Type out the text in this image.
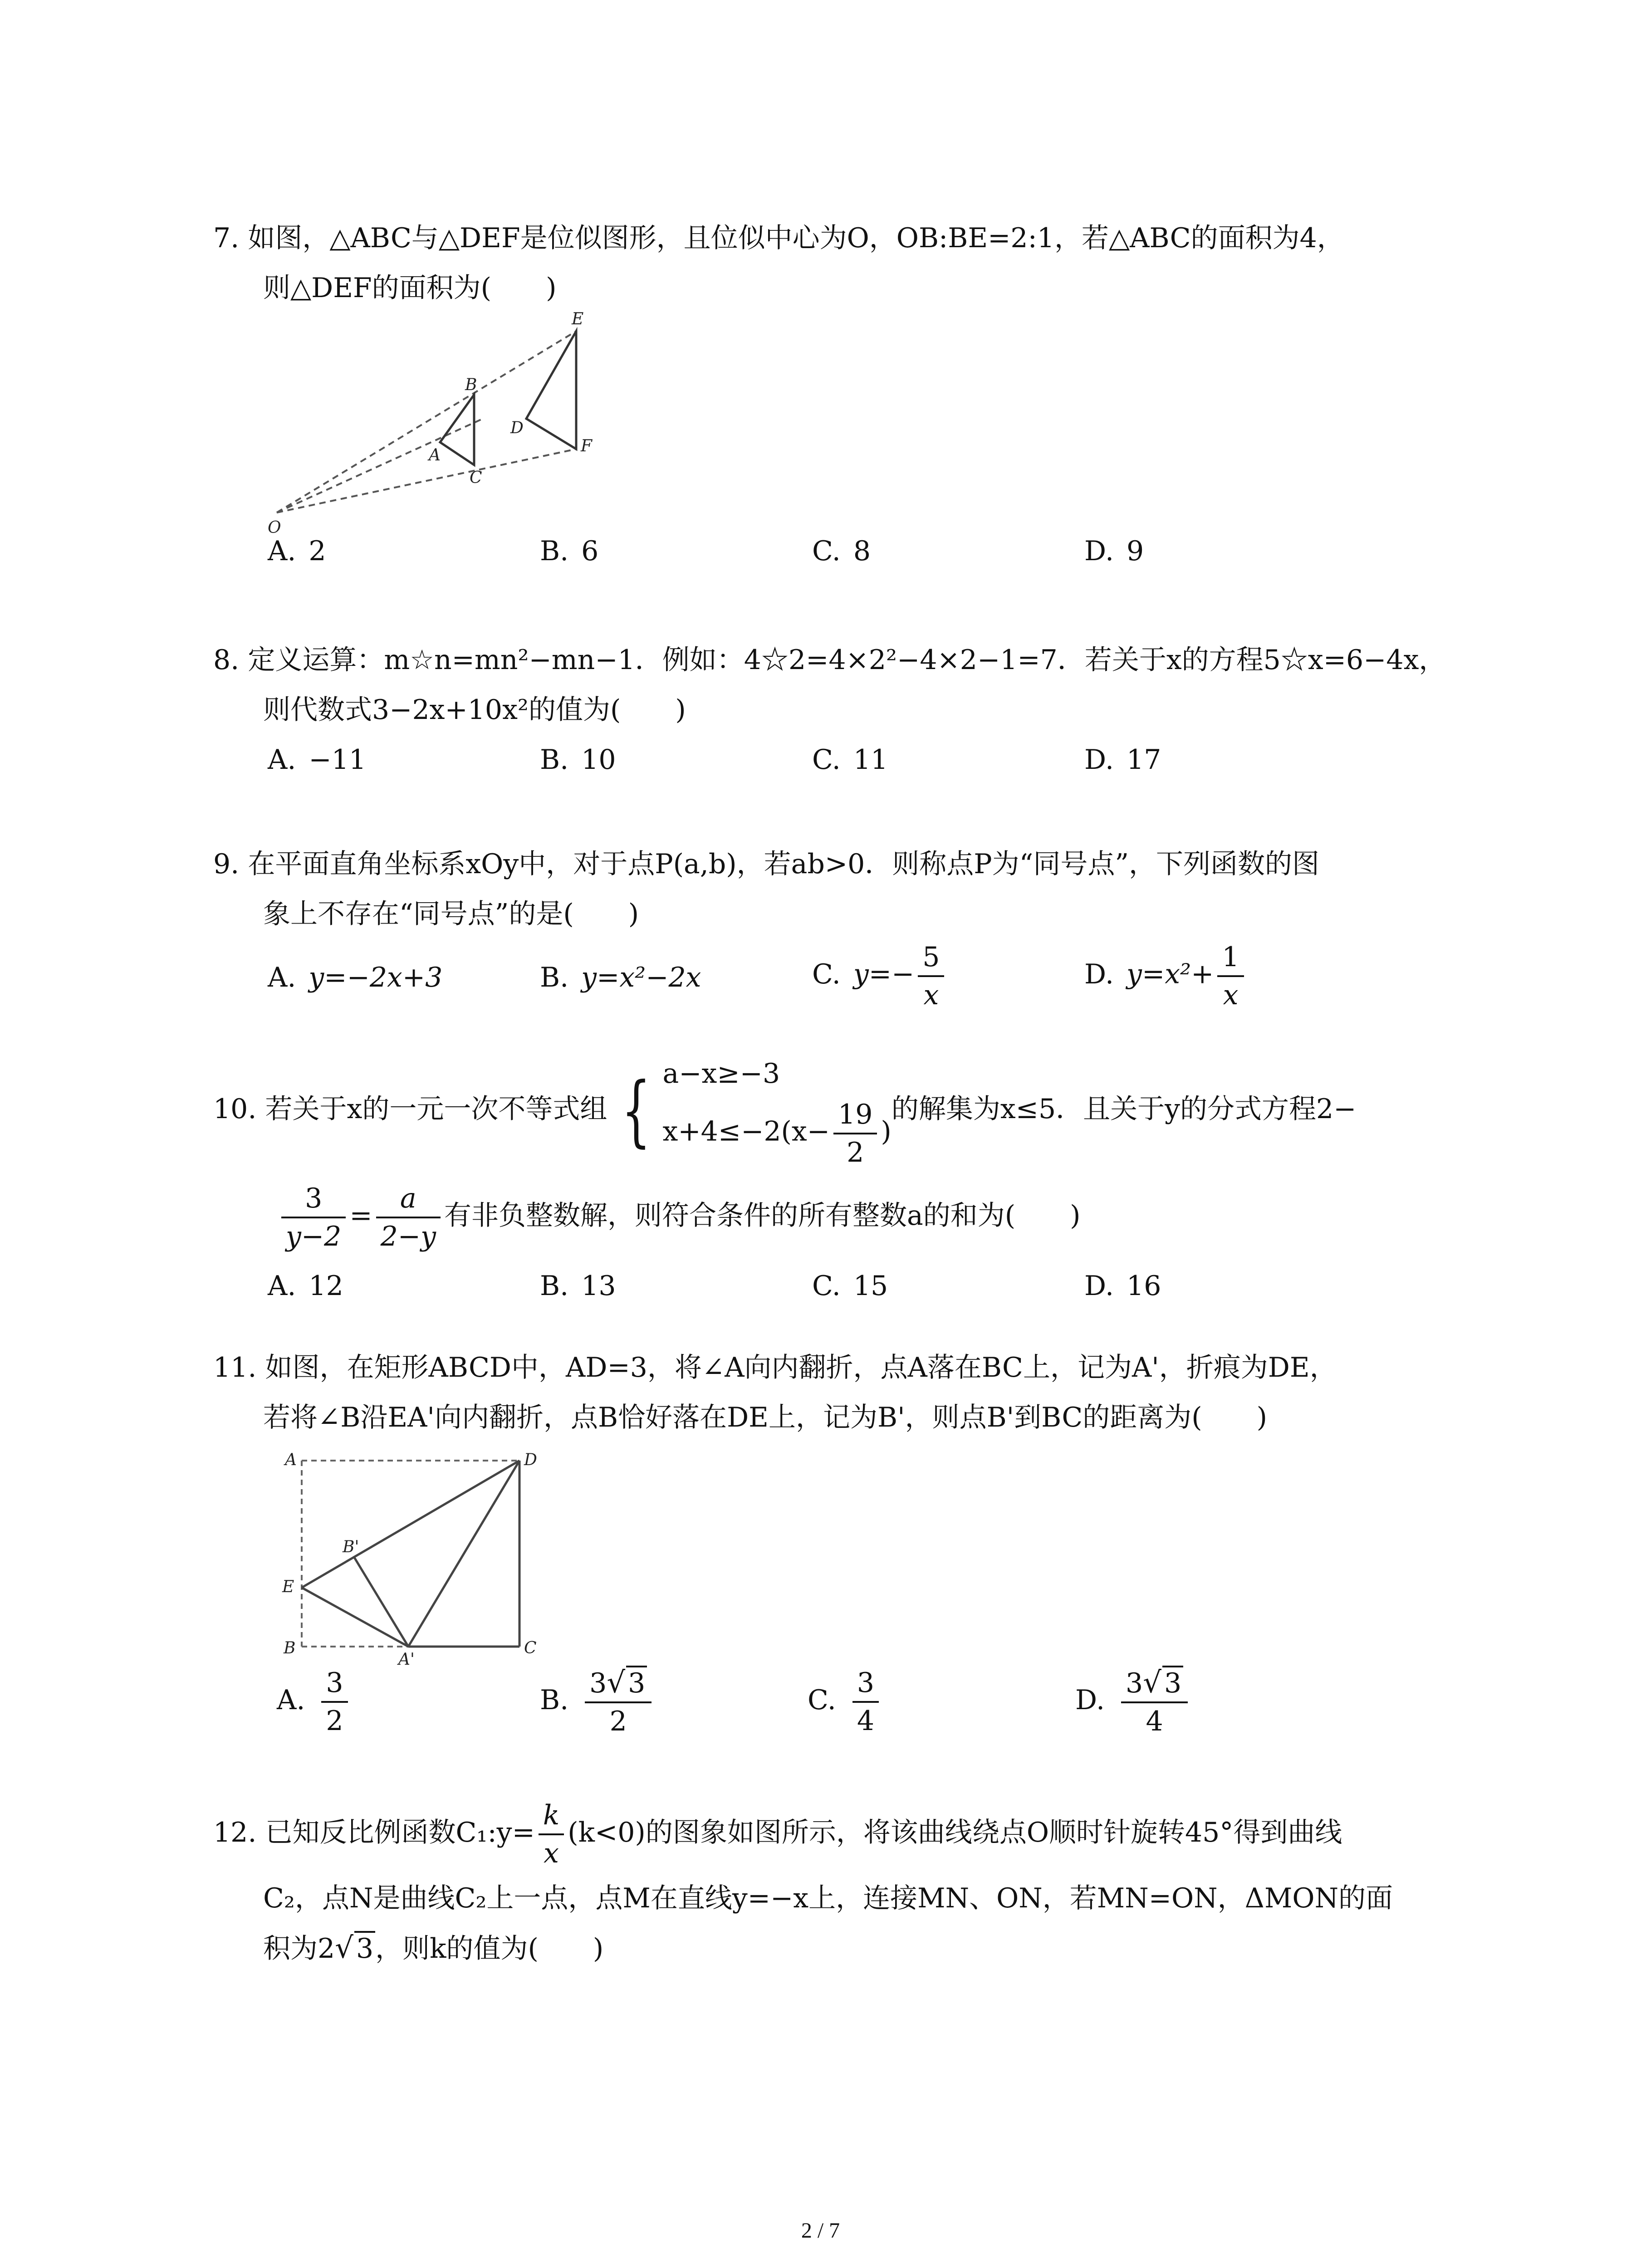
7. 如图，△ABC与△DEF是位似图形，且位似中心为O，OB:BE=2:1，若△ABC的面积为4，
则△DEF的面积为(　　)
O
A
B
C
D
E
F
A. 2	B. 6	C. 8	D. 9
8. 定义运算：m☆n=mn²−mn−1．例如：4☆2=4×2²−4×2−1=7．若关于x的方程5☆x=6−4x，
则代数式3−2x+10x²的值为(　　)
A. −11	B. 10	C. 11	D. 17
9. 在平面直角坐标系xOy中，对于点P(a,b)，若ab>0．则称点P为“同号点”，下列函数的图
象上不存在“同号点”的是(　　)
A. y=−2x+3	B. y=x²−2x	C. $y=- \frac{5}{x}$	D. $y=x^2+ \frac{1}{x}$
10. 若关于x的一元一次不等式组 { a−x≥−3
$x+4\le-2(x- \frac{19}{2}$ )
的解集为x≤5．且关于y的分式方程2−
$\frac{3}{y-2} = \frac{a}{2-y}$ 有非负整数解，则符合条件的所有整数a的和为(　　)
A. 12	B. 13	C. 15	D. 16
11. 如图，在矩形ABCD中，AD=3，将∠A向内翻折，点A落在BC上，记为A'，折痕为DE，
若将∠B沿EA'向内翻折，点B恰好落在DE上，记为B'，则点B'到BC的距离为(　　)
A	D
E
B'
B
A'
C
A. $\frac{3}{2}$	B. $\frac{3√ 3}{2}$	C. $\frac{3}{4}$	D. $\frac{3√ 3}{4}$
12. 已知反比例函数C₁:y= $\frac{k}{x} (k<0)$的图象如图所示，将该曲线绕点O顺时针旋转45°得到曲线
C₂，点N是曲线C₂上一点，点M在直线y=−x上，连接MN、ON，若MN=ON，ΔMON的面
积为2√ 3，则k的值为(　　)
2 / 7
